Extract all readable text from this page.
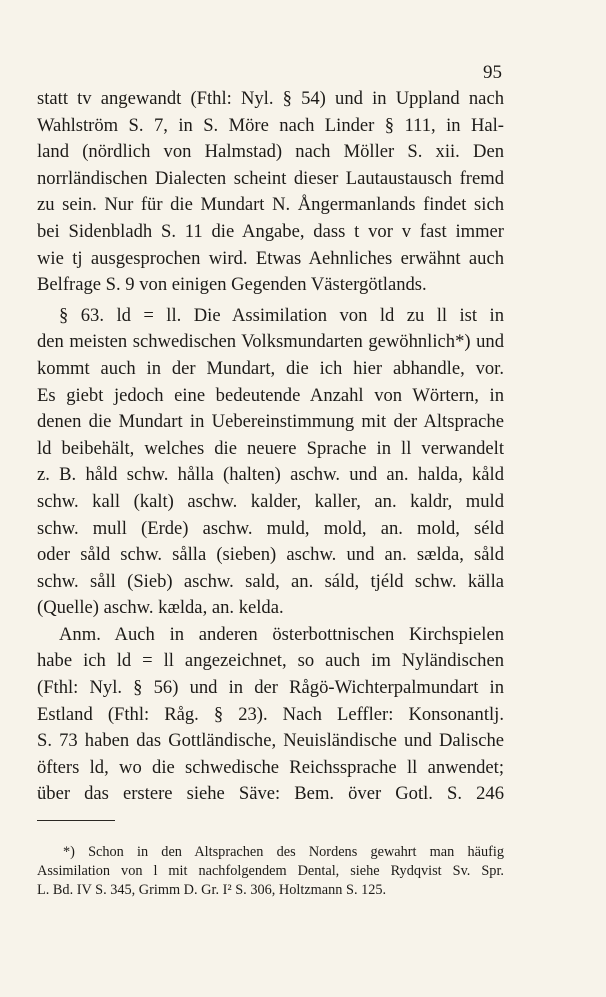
95
statt tv angewandt (Fthl: Nyl. § 54) und in Uppland nach
Wahlström S. 7, in S. Möre nach Linder § 111, in Hal-
land (nördlich von Halmstad) nach Möller S. xii. Den
norrländischen Dialecten scheint dieser Lautaustausch fremd
zu sein. Nur für die Mundart N. Ångermanlands findet sich
bei Sidenbladh S. 11 die Angabe, dass t vor v fast immer
wie tj ausgesprochen wird. Etwas Aehnliches erwähnt auch
Belfrage S. 9 von einigen Gegenden Västergötlands.
§ 63. ld = ll. Die Assimilation von ld zu ll ist in
den meisten schwedischen Volksmundarten gewöhnlich*) und
kommt auch in der Mundart, die ich hier abhandle, vor.
Es giebt jedoch eine bedeutende Anzahl von Wörtern, in
denen die Mundart in Uebereinstimmung mit der Altsprache
ld beibehält, welches die neuere Sprache in ll verwandelt
z. B. håld schw. hålla (halten) aschw. und an. halda, kåld
schw. kall (kalt) aschw. kalder, kaller, an. kaldr, muld
schw. mull (Erde) aschw. muld, mold, an. mold, séld
oder såld schw. sålla (sieben) aschw. und an. sælda, såld
schw. såll (Sieb) aschw. sald, an. sáld, tjéld schw. källa
(Quelle) aschw. kælda, an. kelda.
Anm. Auch in anderen österbottnischen Kirchspielen
habe ich ld = ll angezeichnet, so auch im Nyländischen
(Fthl: Nyl. § 56) und in der Rågö-Wichterpalmundart in
Estland (Fthl: Råg. § 23). Nach Leffler: Konsonantlj.
S. 73 haben das Gottländische, Neuisländische und Dalische
öfters ld, wo die schwedische Reichssprache ll anwendet;
über das erstere siehe Säve: Bem. över Gotl. S. 246
*) Schon in den Altsprachen des Nordens gewahrt man häufig
Assimilation von l mit nachfolgendem Dental, siehe Rydqvist Sv. Spr.
L. Bd. IV S. 345, Grimm D. Gr. I² S. 306, Holtzmann S. 125.
